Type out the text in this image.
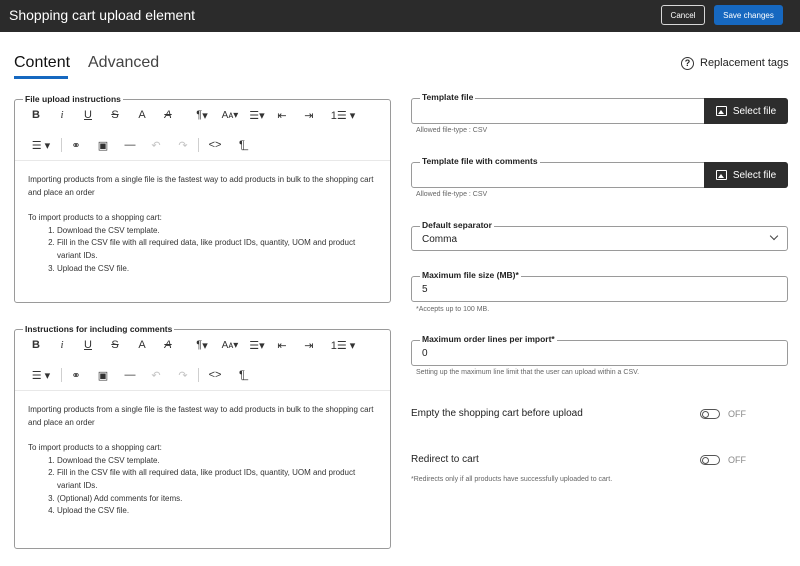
Shopping cart upload element	Cancel	Save changes
Content Advanced	? Replacement tags
File upload instructions
B	i	U	S	A	A	¶ ▾	Aᴀ ▾ ☰▾ ⇤ ⇥ 1☰ ▾
☰ ▾	⚭ ▣ — ↶ ↷ <>	¶̲

Importing products from a single file is the fastest way to add products in bulk to the shopping cart and place an order

To import products to a shopping cart:

1. Download the CSV template.
2. Fill in the CSV file with all required data, like product IDs, quantity, UOM and product variant IDs.
3. Upload the CSV file.
Instructions for including comments
B	i	U	S	A	A	¶ ▾	Aᴀ ▾ ☰▾ ⇤ ⇥ 1☰ ▾
☰ ▾	⚭ ▣ — ↶ ↷ <>	¶̲

Importing products from a single file is the fastest way to add products in bulk to the shopping cart and place an order

To import products to a shopping cart:

1. Download the CSV template.
2. Fill in the CSV file with all required data, like product IDs, quantity, UOM and product variant IDs.
3. (Optional) Add comments for items.
4. Upload the CSV file.
Template file
Select file
Allowed file-type : CSV
Template file with comments
Select file
Allowed file-type : CSV
Default separator
Comma
Maximum file size (MB)*
5
*Accepts up to 100 MB.
Maximum order lines per import*
0
Setting up the maximum line limit that the user can upload within a CSV.
Empty the shopping cart before upload	OFF
Redirect to cart	OFF
*Redirects only if all products have successfully uploaded to cart.
